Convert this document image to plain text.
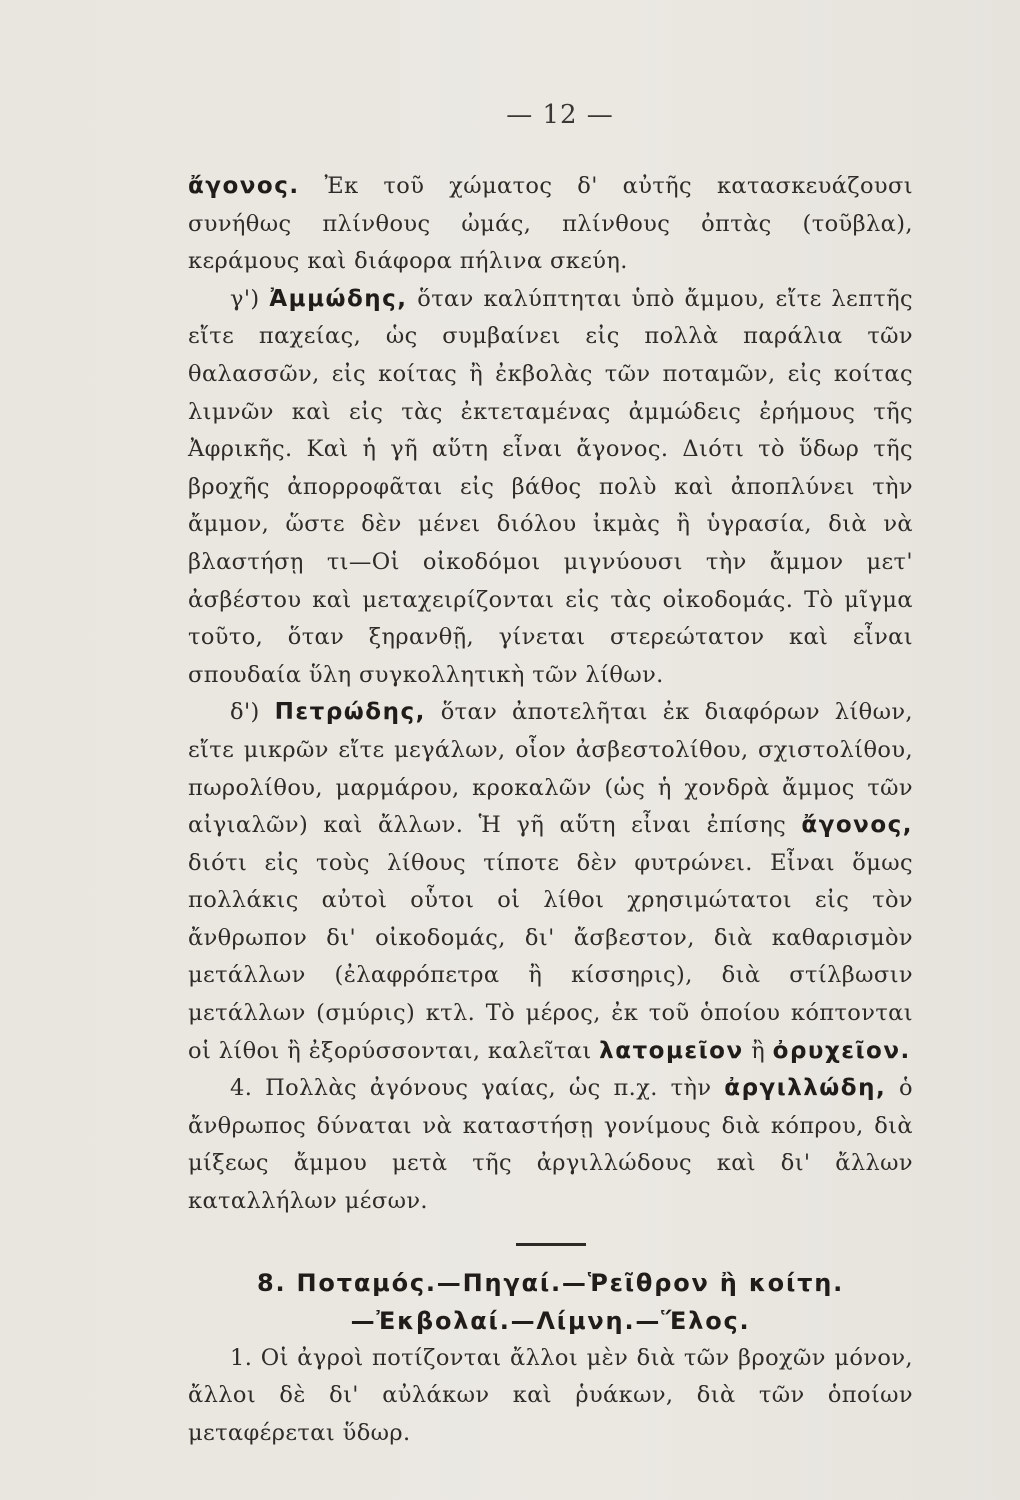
— 12 —

ἄγονος. Ἐκ τοῦ χώματος δ' αὐτῆς κατασκευάζουσι συνήθως πλίνθους ὠμάς, πλίνθους ὀπτὰς (τοῦβλα), κεράμους καὶ διάφορα πήλινα σκεύη.

γ') Ἀμμώδης, ὅταν καλύπτηται ὑπὸ ἄμμου, εἴτε λεπτῆς εἴτε παχείας, ὡς συμβαίνει εἰς πολλὰ παράλια τῶν θαλασσῶν, εἰς κοίτας ἢ ἐκβολὰς τῶν ποταμῶν, εἰς κοίτας λιμνῶν καὶ εἰς τὰς ἐκτεταμένας ἀμμώδεις ἐρήμους τῆς Ἀφρικῆς. Καὶ ἡ γῆ αὕτη εἶναι ἄγονος. Διότι τὸ ὕδωρ τῆς βροχῆς ἀπορροφᾶται εἰς βάθος πολὺ καὶ ἀποπλύνει τὴν ἄμμον, ὥστε δὲν μένει διόλου ἰκμὰς ἢ ὑγρασία, διὰ νὰ βλαστήσῃ τι—Οἱ οἰκοδόμοι μιγνύουσι τὴν ἄμμον μετ' ἀσβέστου καὶ μεταχειρίζονται εἰς τὰς οἰκοδομάς. Τὸ μῖγμα τοῦτο, ὅταν ξηρανθῇ, γίνεται στερεώτατον καὶ εἶναι σπουδαία ὕλη συγκολλητικὴ τῶν λίθων.

δ') Πετρώδης, ὅταν ἀποτελῆται ἐκ διαφόρων λίθων, εἴτε μικρῶν εἴτε μεγάλων, οἷον ἀσβεστολίθου, σχιστολίθου, πωρολίθου, μαρμάρου, κροκαλῶν (ὡς ἡ χονδρὰ ἄμμος τῶν αἰγιαλῶν) καὶ ἄλλων. Ἡ γῆ αὕτη εἶναι ἐπίσης ἄγονος, διότι εἰς τοὺς λίθους τίποτε δὲν φυτρώνει. Εἶναι ὅμως πολλάκις αὐτοὶ οὗτοι οἱ λίθοι χρησιμώτατοι εἰς τὸν ἄνθρωπον δι' οἰκοδομάς, δι' ἄσβεστον, διὰ καθαρισμὸν μετάλλων (ἐλαφρόπετρα ἢ κίσσηρις), διὰ στίλβωσιν μετάλλων (σμύρις) κτλ. Τὸ μέρος, ἐκ τοῦ ὁποίου κόπτονται οἱ λίθοι ἢ ἐξορύσσονται, καλεῖται λατομεῖον ἢ ὀρυχεῖον.

4. Πολλὰς ἀγόνους γαίας, ὡς π.χ. τὴν ἀργιλλώδη, ὁ ἄνθρωπος δύναται νὰ καταστήσῃ γονίμους διὰ κόπρου, διὰ μίξεως ἄμμου μετὰ τῆς ἀργιλλώδους καὶ δι' ἄλλων καταλλήλων μέσων.

8. Ποταμός.—Πηγαί.—Ῥεῖθρον ἢ κοίτη.

—Ἐκβολαί.—Λίμνη.—Ἕλος.

1. Οἱ ἀγροὶ ποτίζονται ἄλλοι μὲν διὰ τῶν βροχῶν μόνον, ἄλλοι δὲ δι' αὐλάκων καὶ ῥυάκων, διὰ τῶν ὁποίων μεταφέρεται ὕδωρ.
